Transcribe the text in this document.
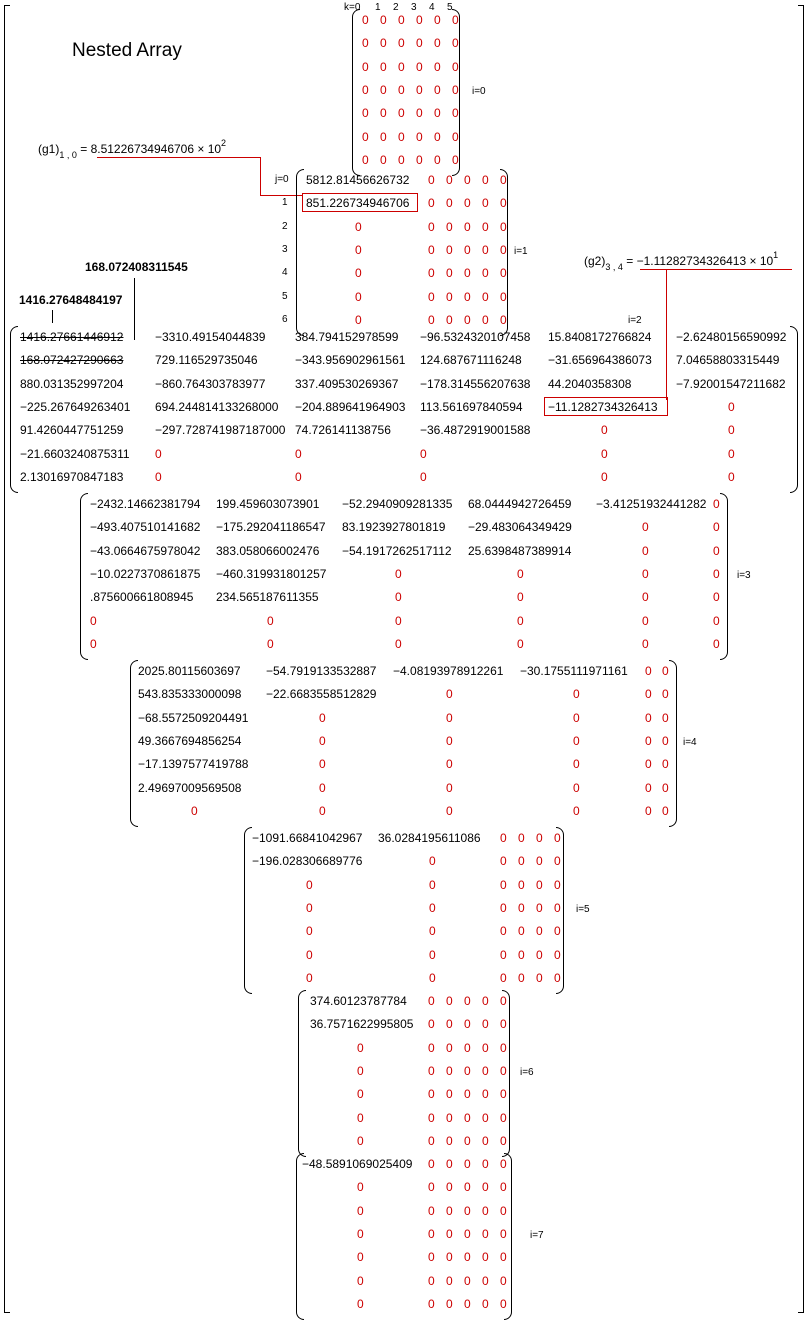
Nested Array
k=0 1 2 3 4 5
$(g1)_{1 , 0} = 8.51226734946706 \times 10^2$
$(g2)_{3 , 4} = -1.11282734326413 \times 10^1$
168.072408311545
1416.27648484197
i=0
0 0 0 0 0 0
0 0 0 0 0 0
0 0 0 0 0 0
0 0 0 0 0 0
0 0 0 0 0 0
0 0 0 0 0 0
0 0 0 0 0 0
i=1
j=0
1
2
3
4
5
6
5812.81456626732 0 0 0 0 0
851.226734946706 0 0 0 0 0
0	0 0 0 0 0
0	0 0 0 0 0
0	0 0 0 0 0
0	0 0 0 0 0
0	0 0 0 0 0	i=2
1416.27661446912	−3310.49154044839 384.794152978599 −96.5324320107458 15.8408172766824 −2.62480156590992
168.072427290663	729.116529735046	−343.956902961561 124.687671116248 −31.656964386073 7.04658803315449
880.031352997204	−860.764303783977 337.409530269367 −178.314556207638 44.2040358308	−7.92001547211682
−225.267649263401 694.244814133268000 −204.889641964903 113.561697840594 −11.1282734326413	0
91.4260447751259	−297.728741987187000 74.726141138756 −36.4872919001588	0	0
−21.6603240875311 0	0	0	0	0
2.13016970847183	0	0	0	0	0
i=3
−2432.14662381794 199.459603073901 −52.2940909281335 68.0444942726459 −3.41251932441282 0
−493.407510141682 −175.292041186547 83.1923927801819 −29.483064349429	0	0
−43.0664675978042 383.058066002476 −54.1917262517112 25.6398487389914	0	0
−10.0227370861875 −460.319931801257	0	0	0	0
.875600661808945 234.565187611355	0	0	0	0
0	0	0	0	0	0
0	0	0	0	0	0
i=4
2025.80115603697 −54.7919133532887 −4.08193978912261 −30.1755111971161 0 0
543.835333000098 −22.6683558512829	0	0	0 0
−68.5572509204491	0	0	0	0 0
49.3667694856254	0	0	0	0 0
−17.1397577419788	0	0	0	0 0
2.49697009569508	0	0	0	0 0
0	0	0	0	0 0
i=5
−1091.66841042967 36.0284195611086 0 0 0 0
−196.028306689776	0	0 0 0 0
0	0	0 0 0 0
0	0	0 0 0 0
0	0	0 0 0 0
0	0	0 0 0 0
0	0	0 0 0 0
i=6
374.60123787784 0 0 0 0 0
36.7571622995805 0 0 0 0 0
0	0 0 0 0 0
0	0 0 0 0 0
0	0 0 0 0 0
0	0 0 0 0 0
0	0 0 0 0 0
i=7
−48.5891069025409 0 0 0 0 0
0	0 0 0 0 0
0	0 0 0 0 0
0	0 0 0 0 0
0	0 0 0 0 0
0	0 0 0 0 0
0	0 0 0 0 0
